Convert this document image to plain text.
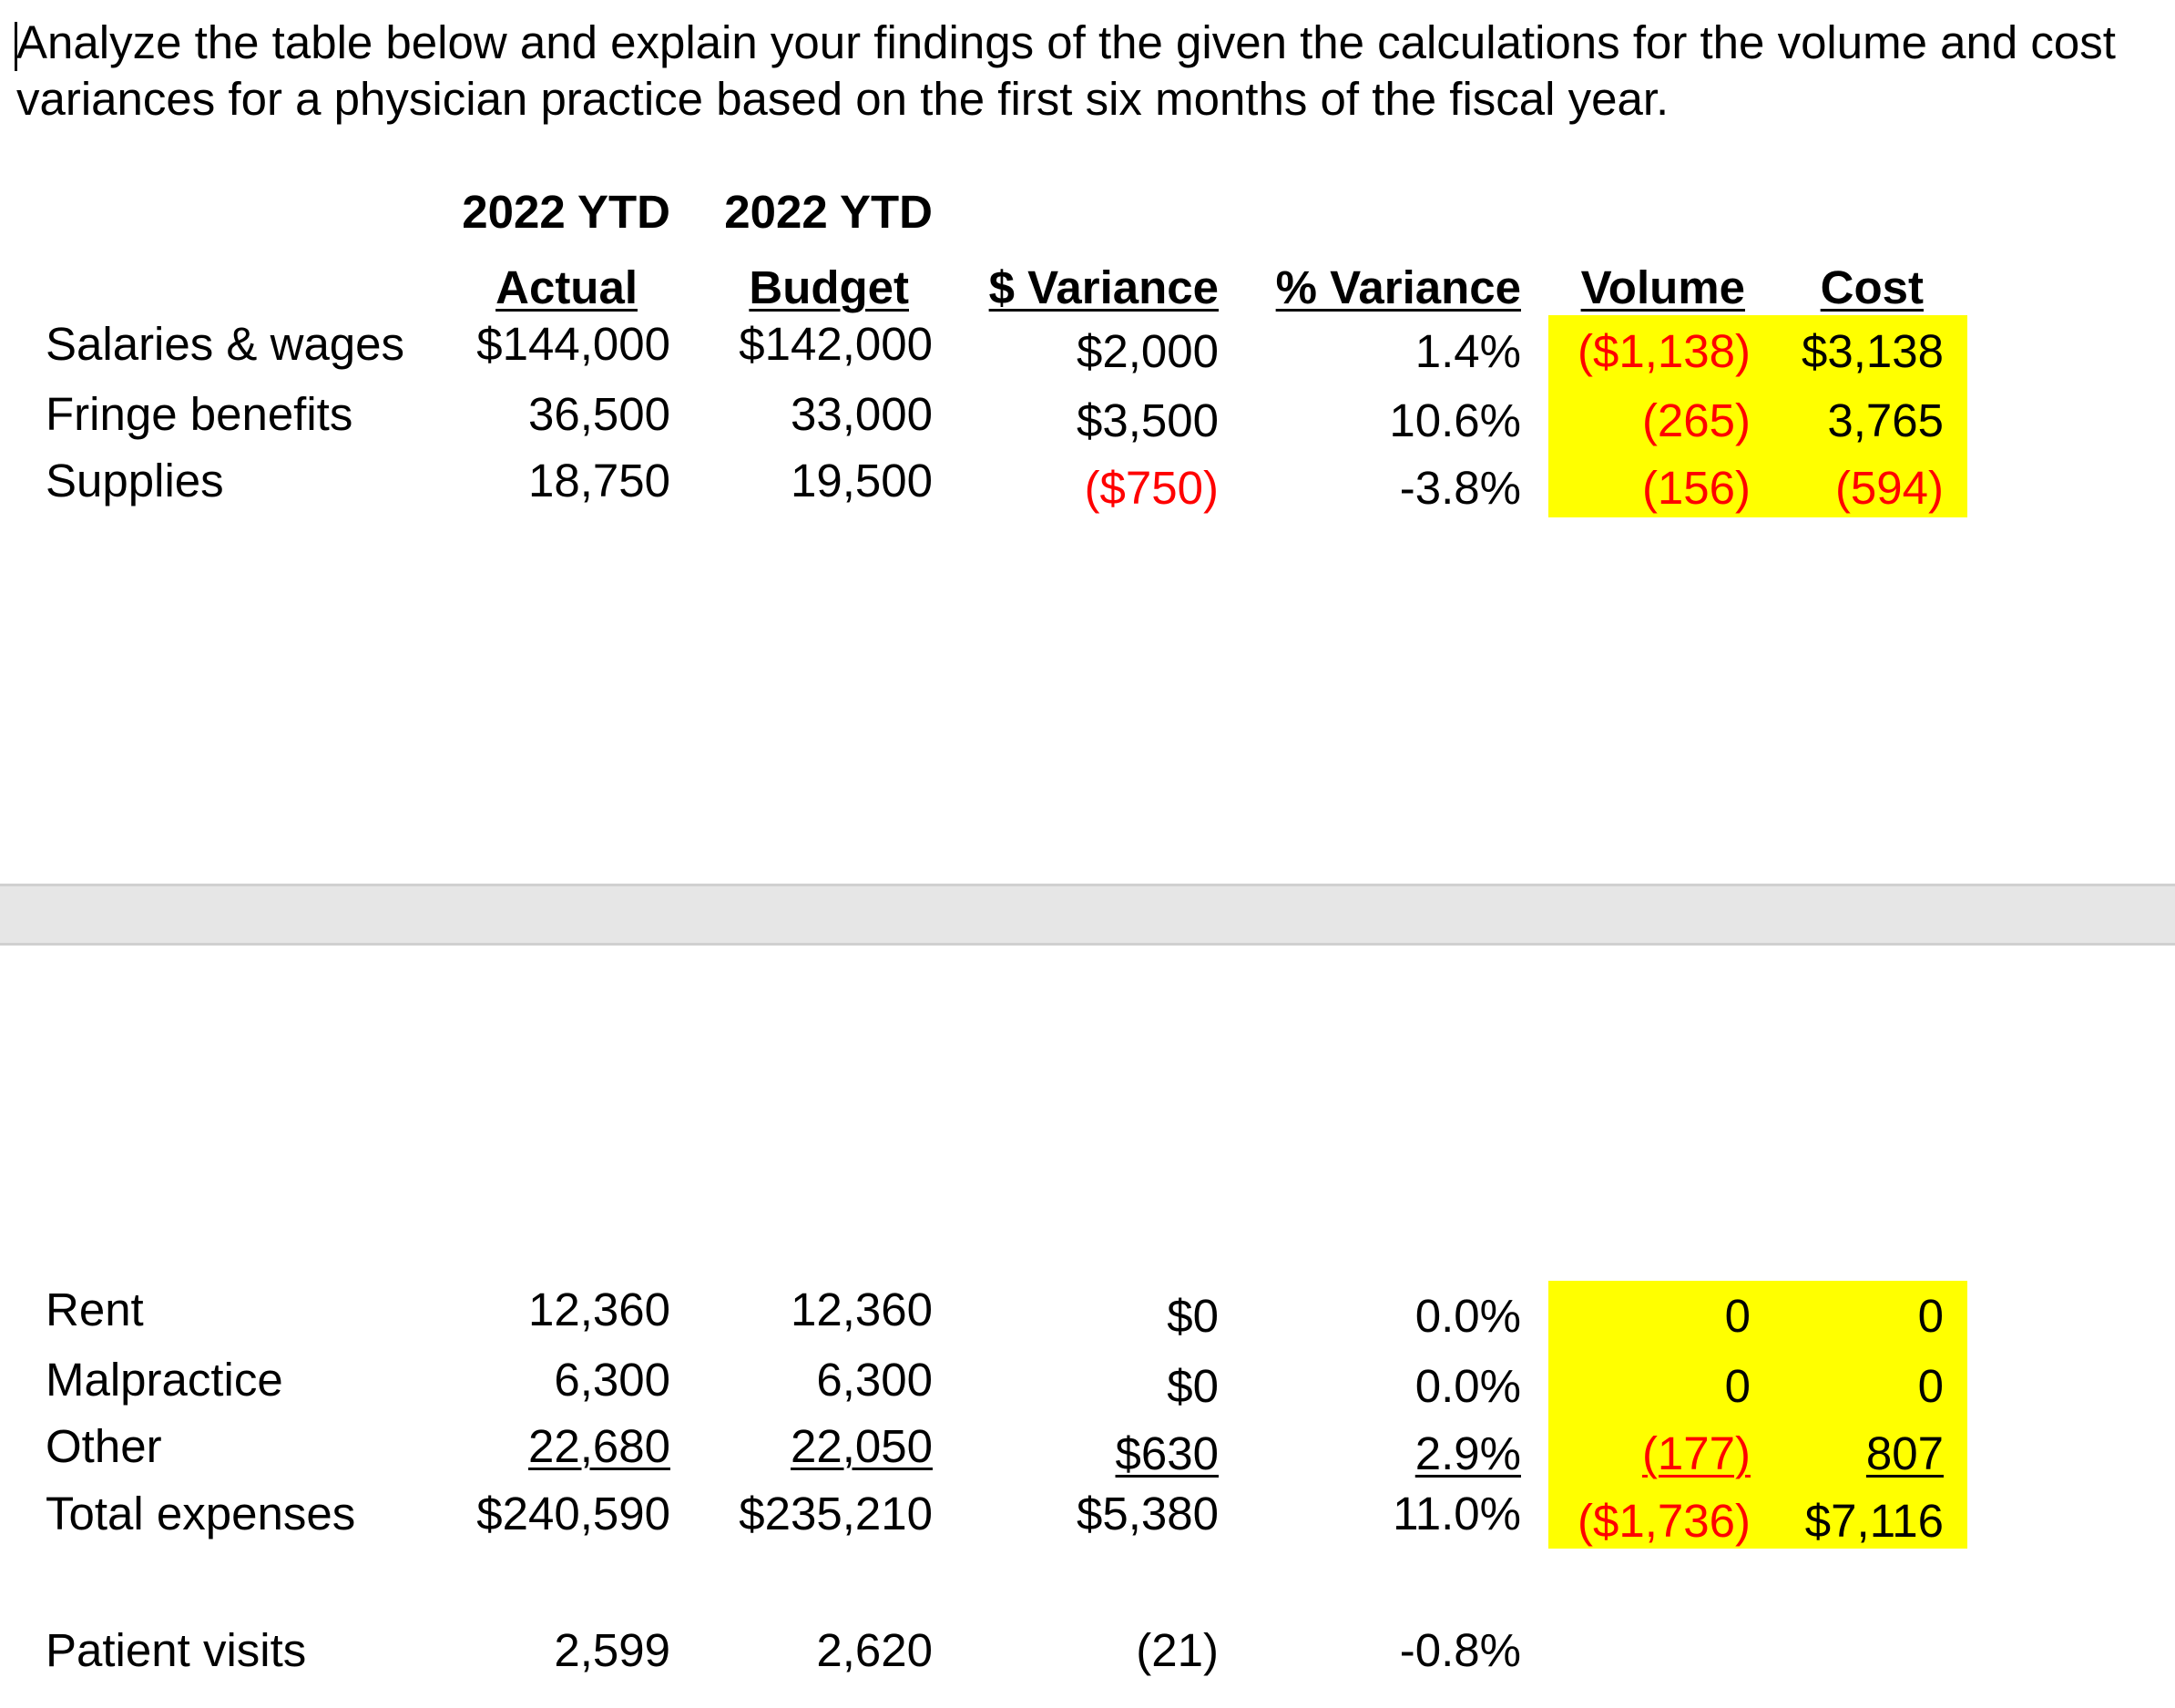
Analyze the table below and explain your findings of the given the calculations for the volume and cost
variances for a physician practice based on the first six months of the fiscal year.
2022 YTD 2022 YTD
Actual	Budget	$ Variance	% Variance	Volume	Cost
Salaries & wages	$144,000	$142,000	$2,000	1.4%	($1,138)	$3,138
Fringe benefits	36,500	33,000	$3,500	10.6%	(265)	3,765
Supplies	18,750	19,500	($750)	-3.8%	(156)	(594)
Rent	12,360	12,360	$0	0.0%	0	0
Malpractice	6,300	6,300	$0	0.0%	0	0
Other	22,680	22,050	$630	2.9%	(177)	807
Total expenses	$240,590	$235,210	$5,380	11.0%	($1,736)	$7,116
Patient visits	2,599	2,620	(21)	-0.8%
